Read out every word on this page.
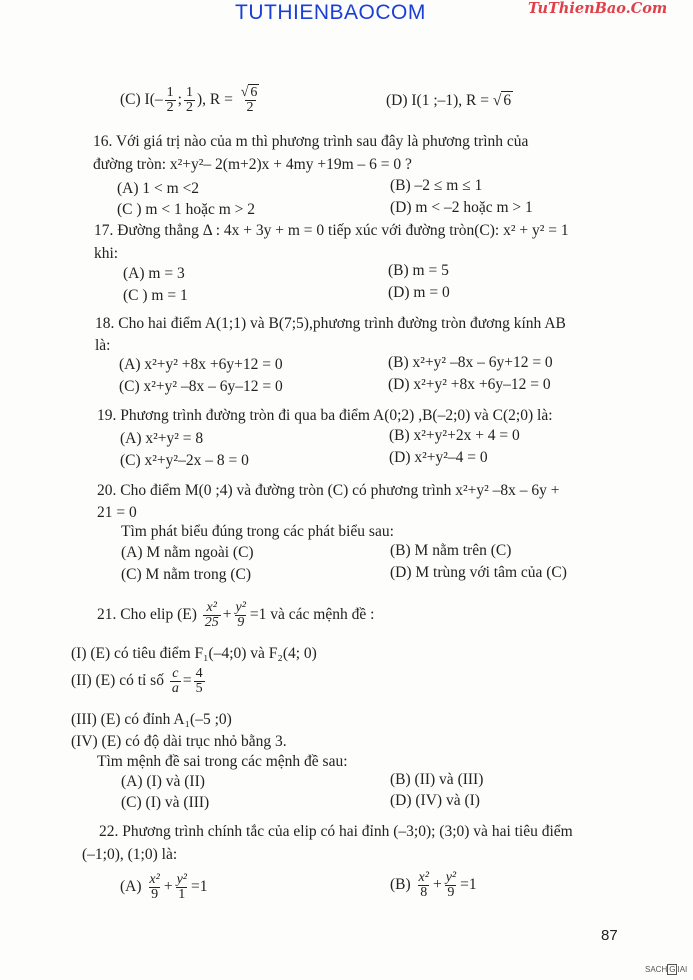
TUTHIENBAOCOM	TuThienBao.Com
(C) $I(- \frac{1}{2}$ ; $\frac{1}{2}$ ), $R = \frac{√ 6}{2}$	(D) I(1 ;–1), R = √ 6
16. Với giá trị nào của m thì phương trình sau đây là phương trình của
đường tròn: x²+y²– 2(m+2)x + 4my +19m – 6 = 0 ?
(A) 1 < m <2	(B) –2 ≤ m ≤ 1
(C ) m < 1 hoặc m > 2	(D) m < –2 hoặc m > 1
17. Đường thẳng Δ : 4x + 3y + m = 0 tiếp xúc với đường tròn(C): x² + y² = 1
khi:
(A) m = 3	(B) m = 5
(C ) m = 1	(D) m = 0
18. Cho hai điểm A(1;1) và B(7;5),phương trình đường tròn đương kính AB
là:
(A) x²+y² +8x +6y+12 = 0	(B) x²+y² –8x – 6y+12 = 0
(C) x²+y² –8x – 6y–12 = 0	(D) x²+y² +8x +6y–12 = 0
19. Phương trình đường tròn đi qua ba điểm A(0;2) ,B(–2;0) và C(2;0) là:
(A) x²+y² = 8	(B) x²+y²+2x + 4 = 0
(C) x²+y²–2x – 8 = 0	(D) x²+y²–4 = 0
20. Cho điểm M(0 ;4) và đường tròn (C) có phương trình x²+y² –8x – 6y +
21 = 0
Tìm phát biểu đúng trong các phát biểu sau:
(A) M nằm ngoài (C)	(B) M nằm trên (C)
(C) M nằm trong (C)	(D) M trùng với tâm của (C)
21. Cho elip $(E) \frac{\text{x²}}{25} + \frac{\text{y²}}{9} =1$ và các mệnh đề :
(I) (E) có tiêu điểm F₁(–4;0) và F₂(4; 0)
(II) (E) có tỉ số $\frac{c}{a} = \frac{4}{5}$
(III) (E) có đỉnh A₁(–5 ;0)
(IV) (E) có độ dài trục nhỏ bằng 3.
Tìm mệnh đề sai trong các mệnh đề sau:
(A) (I) và (II)	(B) (II) và (III)
(C) (I) và (III)	(D) (IV) và (I)
22. Phương trình chính tắc của elip có hai đỉnh (–3;0); (3;0) và hai tiêu điểm
(–1;0), (1;0) là:
$(A) \frac{\text{x²}}{9} + \frac{\text{y²}}{1} =1$	$(B) \frac{\text{x²}}{8} + \frac{\text{y²}}{9} =1$
87
SACH G IAI
